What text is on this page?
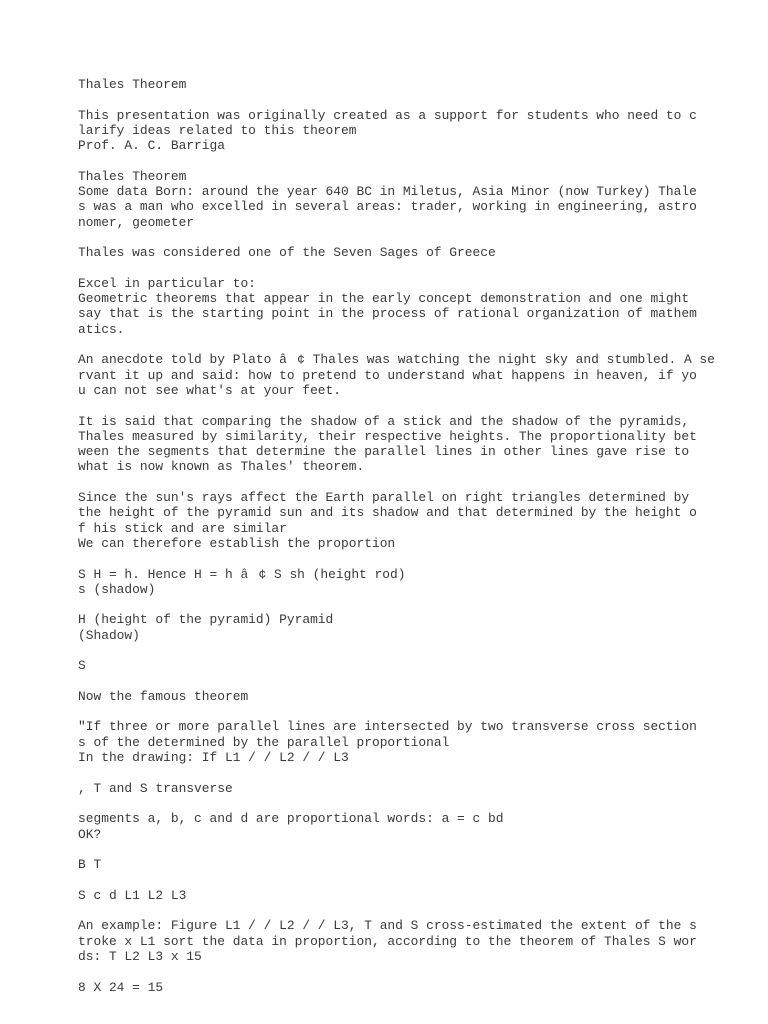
Thales Theorem
This presentation was originally created as a support for students who need to c
larify ideas related to this theorem
Prof. A. C. Barriga
Thales Theorem
Some data Born: around the year 640 BC in Miletus, Asia Minor (now Turkey) Thale
s was a man who excelled in several areas: trader, working in engineering, astro
nomer, geometer
Thales was considered one of the Seven Sages of Greece
Excel in particular to:
Geometric theorems that appear in the early concept demonstration and one might
say that is the starting point in the process of rational organization of mathem
atics.
An anecdote told by Plato â¢ Thales was watching the night sky and stumbled. A se
rvant it up and said: how to pretend to understand what happens in heaven, if yo
u can not see what's at your feet.
It is said that comparing the shadow of a stick and the shadow of the pyramids,
Thales measured by similarity, their respective heights. The proportionality bet
ween the segments that determine the parallel lines in other lines gave rise to
what is now known as Thales' theorem.
Since the sun's rays affect the Earth parallel on right triangles determined by
the height of the pyramid sun and its shadow and that determined by the height o
f his stick and are similar
We can therefore establish the proportion
S H = h. Hence H = h â¢ S sh (height rod)
s (shadow)
H (height of the pyramid) Pyramid
(Shadow)
S
Now the famous theorem
"If three or more parallel lines are intersected by two transverse cross section
s of the determined by the parallel proportional
In the drawing: If L1 / / L2 / / L3
, T and S transverse
segments a, b, c and d are proportional words: a = c bd
OK?
B T
S c d L1 L2 L3
An example: Figure L1 / / L2 / / L3, T and S cross-estimated the extent of the s
troke x L1 sort the data in proportion, according to the theorem of Thales S wor
ds: T L2 L3 x 15
8 X 24 = 15
